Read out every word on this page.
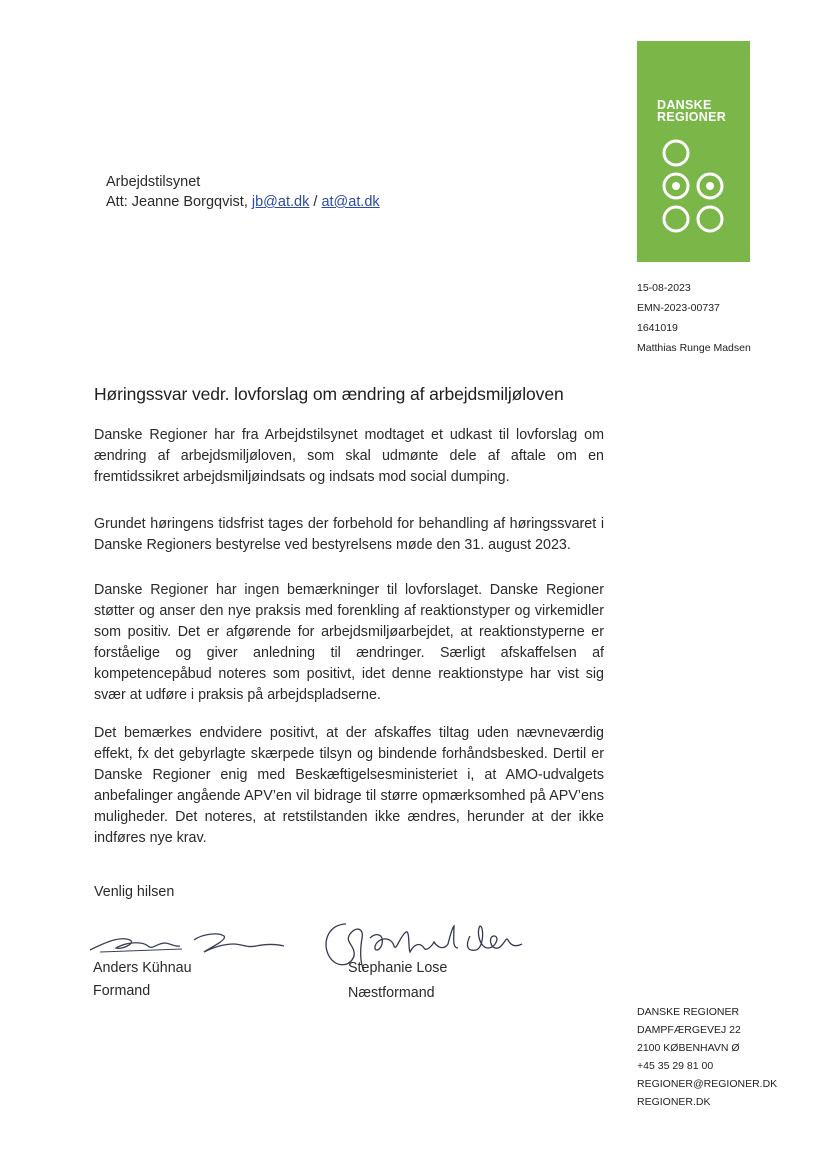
DANSKE
REGIONER
Arbejdstilsynet
Att: Jeanne Borgqvist, jb@at.dk / at@at.dk
15-08-2023
EMN-2023-00737
1641019
Matthias Runge Madsen
Høringssvar vedr. lovforslag om ændring af arbejdsmiljøloven

Danske Regioner har fra Arbejdstilsynet modtaget et udkast til lovforslag om ændring af arbejdsmiljøloven, som skal udmønte dele af aftale om en fremtidssikret arbejdsmiljøindsats og indsats mod social dumping.

Grundet høringens tidsfrist tages der forbehold for behandling af høringssvaret i Danske Regioners bestyrelse ved bestyrelsens møde den 31. august 2023.

Danske Regioner har ingen bemærkninger til lovforslaget. Danske Regioner støtter og anser den nye praksis med forenkling af reaktionstyper og virkemidler som positiv. Det er afgørende for arbejdsmiljøarbejdet, at reaktionstyperne er forståelige og giver anledning til ændringer. Særligt afskaffelsen af kompetencepåbud noteres som positivt, idet denne reaktionstype har vist sig svær at udføre i praksis på arbejdspladserne.

Det bemærkes endvidere positivt, at der afskaffes tiltag uden nævneværdig effekt, fx det gebyrlagte skærpede tilsyn og bindende forhåndsbesked. Dertil er Danske Regioner enig med Beskæftigelsesministeriet i, at AMO-udvalgets anbefalinger angående APV’en vil bidrage til større opmærksomhed på APV’ens muligheder. Det noteres, at retstilstanden ikke ændres, herunder at der ikke indføres nye krav.

Venlig hilsen
Anders Kühnau
Formand
Stephanie Lose
Næstformand
DANSKE REGIONER
DAMPFÆRGEVEJ 22
2100 KØBENHAVN Ø
+45 35 29 81 00
REGIONER@REGIONER.DK
REGIONER.DK
